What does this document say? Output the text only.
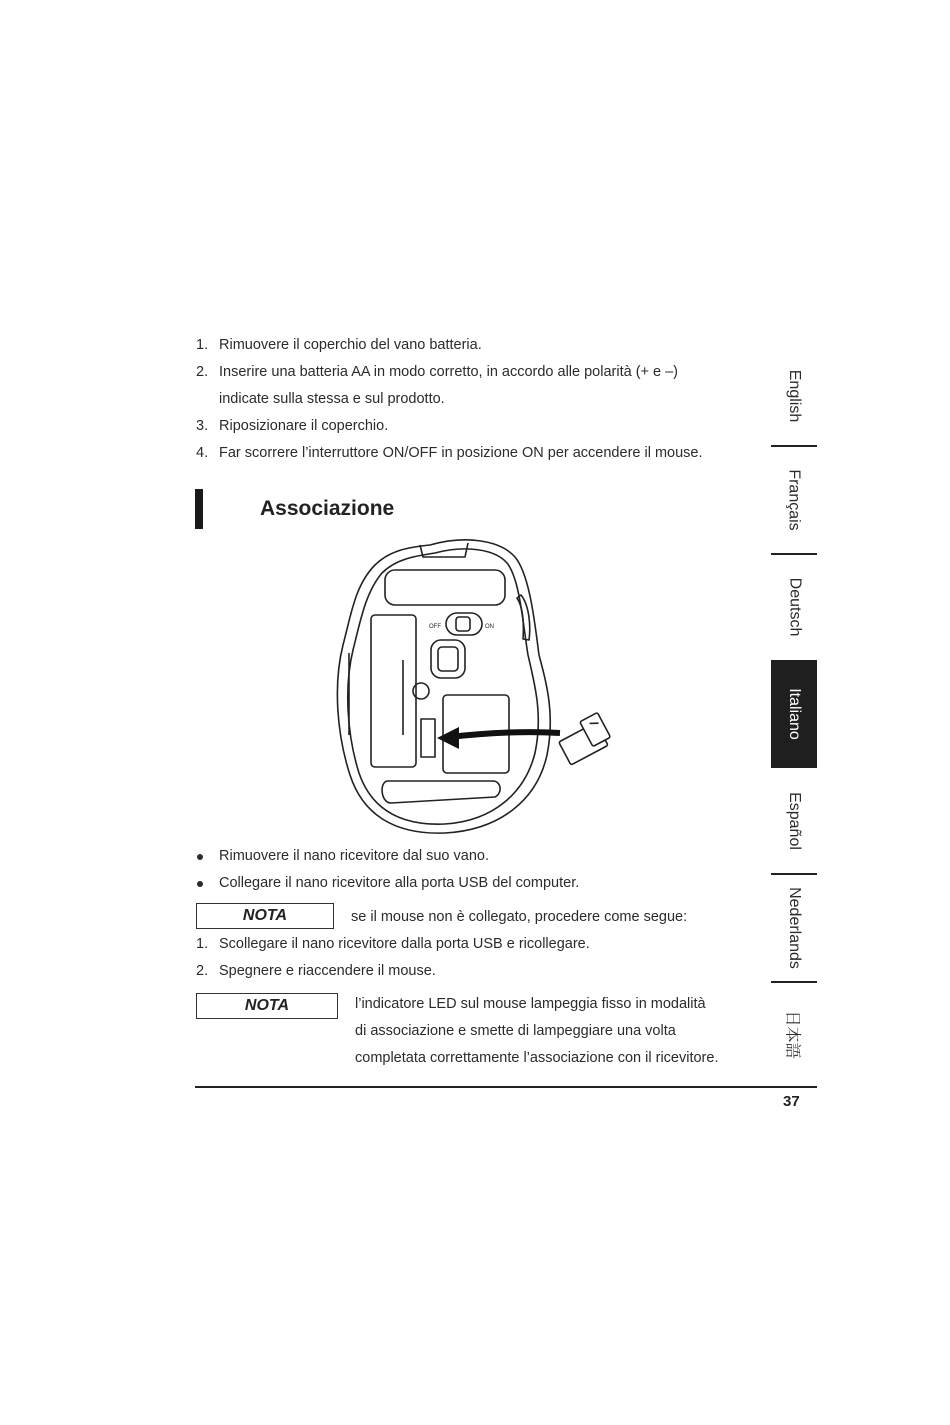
1. Rimuovere il coperchio del vano batteria.
2. Inserire una batteria AA in modo corretto, in accordo alle polarità (+ e –)
indicate sulla stessa e sul prodotto.
3. Riposizionare il coperchio.
4. Far scorrere l’interruttore ON/OFF in posizione ON per accendere il mouse.
Associazione
OFF	ON
Rimuovere il nano ricevitore dal suo vano.
Collegare il nano ricevitore alla porta USB del computer.
NOTA	se il mouse non è collegato, procedere come segue:
1. Scollegare il nano ricevitore dalla porta USB e ricollegare.
2. Spegnere e riaccendere il mouse.
NOTA	l’indicatore LED sul mouse lampeggia fisso in modalità
di associazione e smette di lampeggiare una volta
completata correttamente l’associazione con il ricevitore.
English
Français
Deutsch
Italiano
Español
Nederlands
日本語
37
